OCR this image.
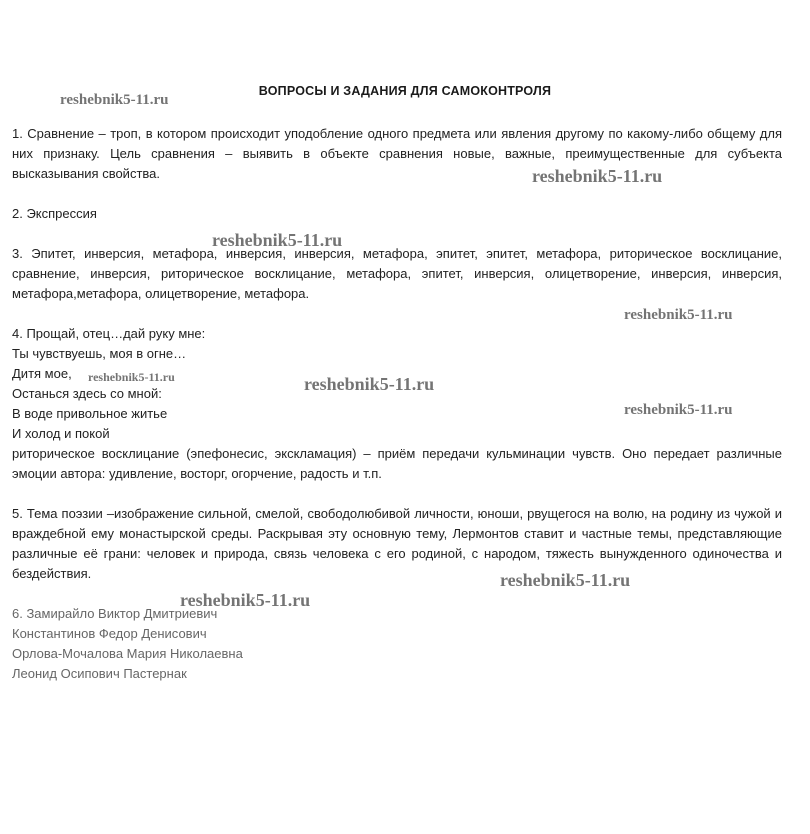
ВОПРОСЫ И ЗАДАНИЯ ДЛЯ САМОКОНТРОЛЯ

1. Сравнение – троп, в котором происходит уподобление одного предмета или явления другому по какому-либо общему для них признаку. Цель сравнения – выявить в объекте сравнения новые, важные, преимущественные для субъекта высказывания свойства.

2. Экспрессия

3. Эпитет, инверсия, метафора, инверсия, инверсия, метафора, эпитет, эпитет, метафора, риторическое восклицание, сравнение, инверсия, риторическое восклицание, метафора, эпитет, инверсия, олицетворение, инверсия, инверсия, метафора,метафора, олицетворение, метафора.

4. Прощай, отец…дай руку мне:

Ты чувствуешь, моя в огне…

Дитя мое,

Останься здесь со мной:

В воде привольное житье

И холод и покой

риторическое восклицание (эпефонесис, экскламация) – приём передачи кульминации чувств. Оно передает различные эмоции автора: удивление, восторг, огорчение, радость и т.п.

5. Тема поэзии –изображение сильной, смелой, свободолюбивой личности, юноши, рвущегося на волю, на родину из чужой и враждебной ему монастырской среды. Раскрывая эту основную тему, Лермонтов ставит и частные темы, представляющие различные её грани: человек и природа, связь человека с его родиной, с народом, тяжесть вынужденного одиночества и бездействия.

6. Замирайло Виктор Дмитриевич

Константинов Федор Денисович

Орлова-Мочалова Мария Николаевна

Леонид Осипович Пастернак

reshebnik5-11.ru
reshebnik5-11.ru
reshebnik5-11.ru
reshebnik5-11.ru
reshebnik5-11.ru	reshebnik5-11.ru
reshebnik5-11.ru
reshebnik5-11.ru
reshebnik5-11.ru
